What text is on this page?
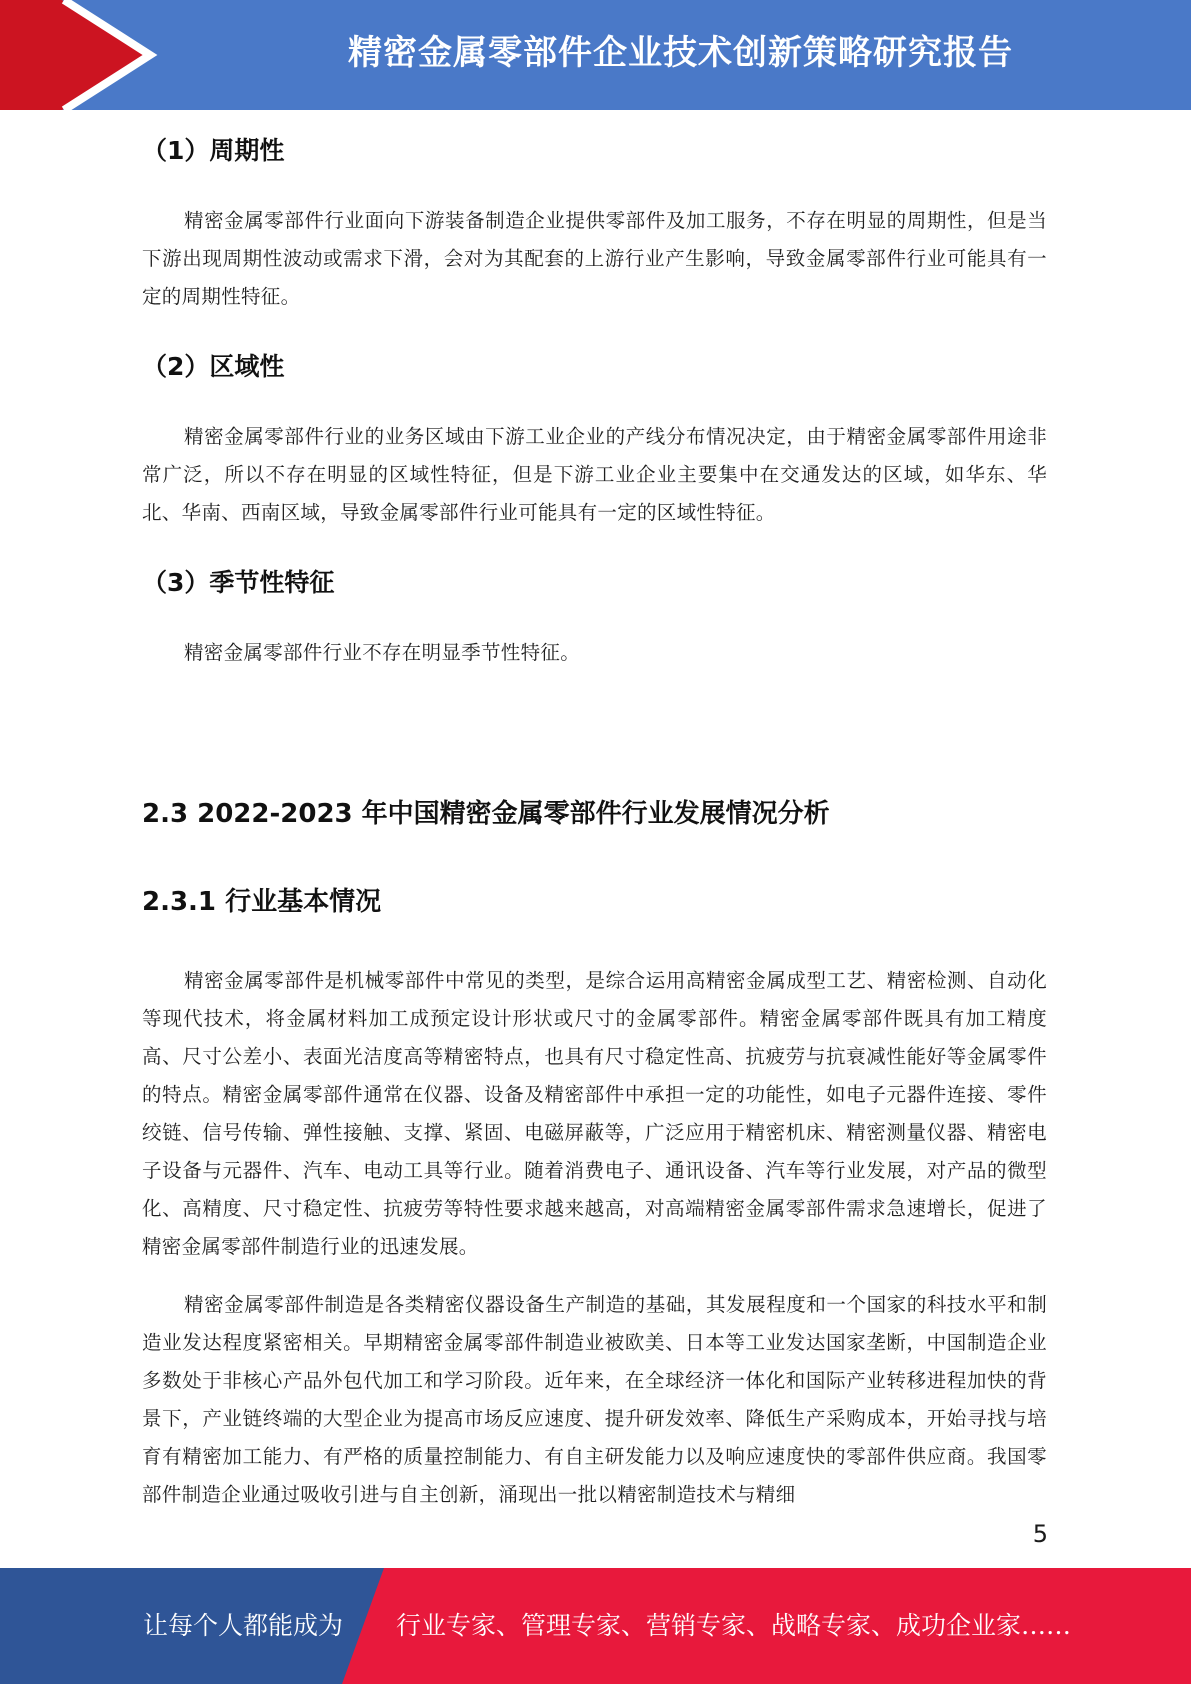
精密金属零部件企业技术创新策略研究报告
（1）周期性

精密金属零部件行业面向下游装备制造企业提供零部件及加工服务，不存在明显的周期性，但是当下游出现周期性波动或需求下滑，会对为其配套的上游行业产生影响，导致金属零部件行业可能具有一定的周期性特征。

（2）区域性

精密金属零部件行业的业务区域由下游工业企业的产线分布情况决定，由于精密金属零部件用途非常广泛，所以不存在明显的区域性特征，但是下游工业企业主要集中在交通发达的区域，如华东、华北、华南、西南区域，导致金属零部件行业可能具有一定的区域性特征。

（3）季节性特征

精密金属零部件行业不存在明显季节性特征。

2.3 2022-2023 年中国精密金属零部件行业发展情况分析
2.3.1 行业基本情况

精密金属零部件是机械零部件中常见的类型，是综合运用高精密金属成型工艺、精密检测、自动化等现代技术，将金属材料加工成预定设计形状或尺寸的金属零部件。精密金属零部件既具有加工精度高、尺寸公差小、表面光洁度高等精密特点，也具有尺寸稳定性高、抗疲劳与抗衰减性能好等金属零件的特点。精密金属零部件通常在仪器、设备及精密部件中承担一定的功能性，如电子元器件连接、零件绞链、信号传输、弹性接触、支撑、紧固、电磁屏蔽等，广泛应用于精密机床、精密测量仪器、精密电子设备与元器件、汽车、电动工具等行业。随着消费电子、通讯设备、汽车等行业发展，对产品的微型化、高精度、尺寸稳定性、抗疲劳等特性要求越来越高，对高端精密金属零部件需求急速增长，促进了精密金属零部件制造行业的迅速发展。

精密金属零部件制造是各类精密仪器设备生产制造的基础，其发展程度和一个国家的科技水平和制造业发达程度紧密相关。早期精密金属零部件制造业被欧美、日本等工业发达国家垄断，中国制造企业多数处于非核心产品外包代加工和学习阶段。近年来，在全球经济一体化和国际产业转移进程加快的背景下，产业链终端的大型企业为提高市场反应速度、提升研发效率、降低生产采购成本，开始寻找与培育有精密加工能力、有严格的质量控制能力、有自主研发能力以及响应速度快的零部件供应商。我国零部件制造企业通过吸收引进与自主创新，涌现出一批以精密制造技术与精细

5
让每个人都能成为 行业专家、管理专家、营销专家、战略专家、成功企业家……
